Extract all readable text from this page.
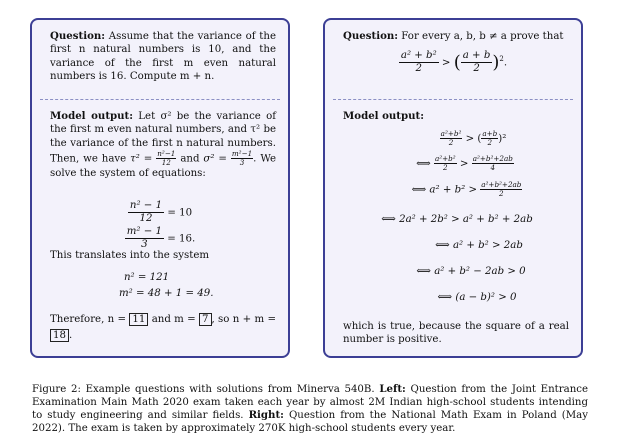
Question: Assume that the variance of the first n natural numbers is 10, and the variance of the first m even natural numbers is 16. Compute m + n.
Model output: Let σ² be the variance of the first m even natural numbers, and τ² be the variance of the first n natural numbers. Then, we have $\tau^2 = \frac{\text{n²−1}}{12}$ and $\sigma^2 = \frac{\text{m²−1}}{3}$ . We solve the system of equations:
$\frac{\text{n² − 1}}{12} = 10$
$\frac{\text{m² − 1}}{3} = 16$.
This translates into the system
n² = 121
m² = 48 + 1 = 49.
Therefore, n = 11 and m = 7 , so n + m = 18 .
Question: For every a, b, b ≠ a prove that
$\frac{\text{a² + b²}}{2}$ > ( $\frac{a + b}{2} )^2$.
Model output:
$\frac{\text{a²+b²}}{2}$ > ( $\frac{a+b}{2} )^2$
⟺ $\frac{\text{a²+b²}}{2} > \frac{\text{a²+b²+2ab}}{4}$
⟺ $a^2 + b^2 > \frac{\text{a²+b²+2ab}}{2}$
⟺ 2a² + 2b² > a² + b² + 2ab
⟺ a² + b² > 2ab
⟺ a² + b² − 2ab > 0
⟺ (a − b)² > 0
which is true, because the square of a real number is positive.
Figure 2: Example questions with solutions from Minerva 540B. Left: Question from the Joint Entrance Examination Main Math 2020 exam taken each year by almost 2M Indian high-school students intending to study engineering and similar fields. Right: Question from the National Math Exam in Poland (May 2022). The exam is taken by approximately 270K high-school students every year.
